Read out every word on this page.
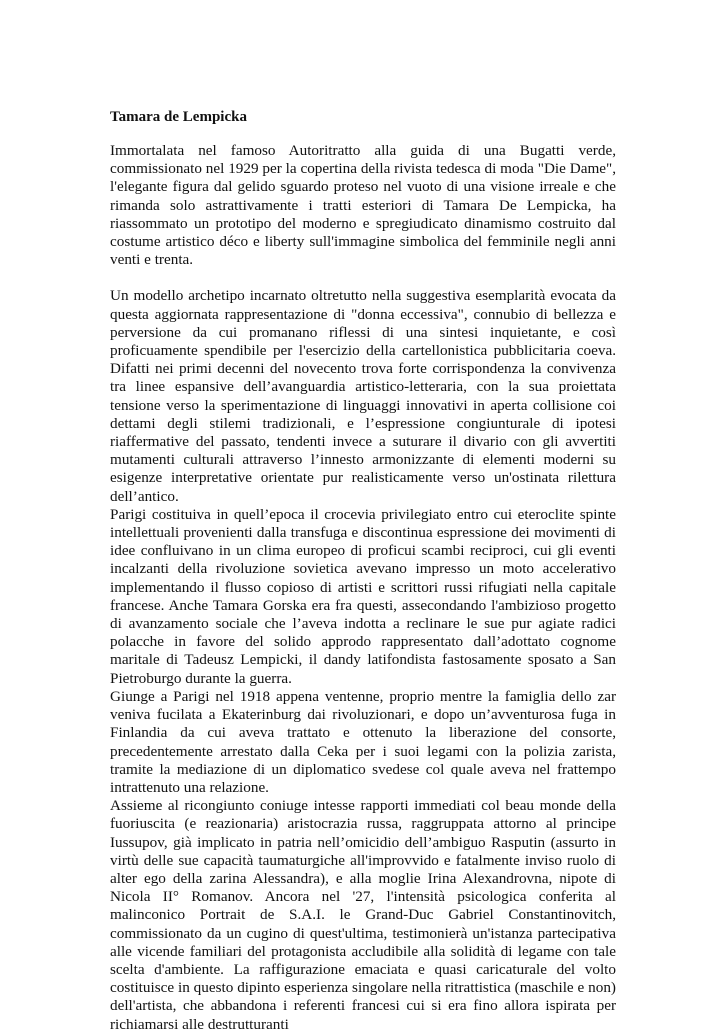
Tamara de Lempicka

Immortalata nel famoso Autoritratto alla guida di una Bugatti verde, commissionato nel 1929 per la copertina della rivista tedesca di moda "Die Dame", l'elegante figura dal gelido sguardo proteso nel vuoto di una visione irreale e che rimanda solo astrattivamente i tratti esteriori di Tamara De Lempicka, ha riassommato un prototipo del moderno e spregiudicato dinamismo costruito dal costume artistico déco e liberty sull'immagine simbolica del femminile negli anni venti e trenta.

Un modello archetipo incarnato oltretutto nella suggestiva esemplarità evocata da questa aggiornata rappresentazione di "donna eccessiva", connubio di bellezza e perversione da cui promanano riflessi di una sintesi inquietante, e così proficuamente spendibile per l'esercizio della cartellonistica pubblicitaria coeva. Difatti nei primi decenni del novecento trova forte corrispondenza la convivenza tra linee espansive dell’avanguardia artistico-letteraria, con la sua proiettata tensione verso la sperimentazione di linguaggi innovativi in aperta collisione coi dettami degli stilemi tradizionali, e l’espressione congiunturale di ipotesi riaffermative del passato, tendenti invece a suturare il divario con gli avvertiti mutamenti culturali attraverso l’innesto armonizzante di elementi moderni su esigenze interpretative orientate pur realisticamente verso un'ostinata rilettura dell’antico.

Parigi costituiva in quell’epoca il crocevia privilegiato entro cui eteroclite spinte intellettuali provenienti dalla transfuga e discontinua espressione dei movimenti di idee confluivano in un clima europeo di proficui scambi reciproci, cui gli eventi incalzanti della rivoluzione sovietica avevano impresso un moto accelerativo implementando il flusso copioso di artisti e scrittori russi rifugiati nella capitale francese. Anche Tamara Gorska era fra questi, assecondando l'ambizioso progetto di avanzamento sociale che l’aveva indotta a reclinare le sue pur agiate radici polacche in favore del solido approdo rappresentato dall’adottato cognome maritale di Tadeusz Lempicki, il dandy latifondista fastosamente sposato a San Pietroburgo durante la guerra.

Giunge a Parigi nel 1918 appena ventenne, proprio mentre la famiglia dello zar veniva fucilata a Ekaterinburg dai rivoluzionari, e dopo un’avventurosa fuga in Finlandia da cui aveva trattato e ottenuto la liberazione del consorte, precedentemente arrestato dalla Ceka per i suoi legami con la polizia zarista, tramite la mediazione di un diplomatico svedese col quale aveva nel frattempo intrattenuto una relazione.

Assieme al ricongiunto coniuge intesse rapporti immediati col beau monde della fuoriuscita (e reazionaria) aristocrazia russa, raggruppata attorno al principe Iussupov, già implicato in patria nell’omicidio dell’ambiguo Rasputin (assurto in virtù delle sue capacità taumaturgiche all'improvvido e fatalmente inviso ruolo di alter ego della zarina Alessandra), e alla moglie Irina Alexandrovna, nipote di Nicola II° Romanov. Ancora nel '27, l'intensità psicologica conferita al malinconico Portrait de S.A.I. le Grand-Duc Gabriel Constantinovitch, commissionato da un cugino di quest'ultima, testimonierà un'istanza partecipativa alle vicende familiari del protagonista accludibile alla solidità di legame con tale scelta d'ambiente. La raffigurazione emaciata e quasi caricaturale del volto costituisce in questo dipinto esperienza singolare nella ritrattistica (maschile e non) dell'artista, che abbandona i referenti francesi cui si era fino allora ispirata per richiamarsi alle destrutturanti
